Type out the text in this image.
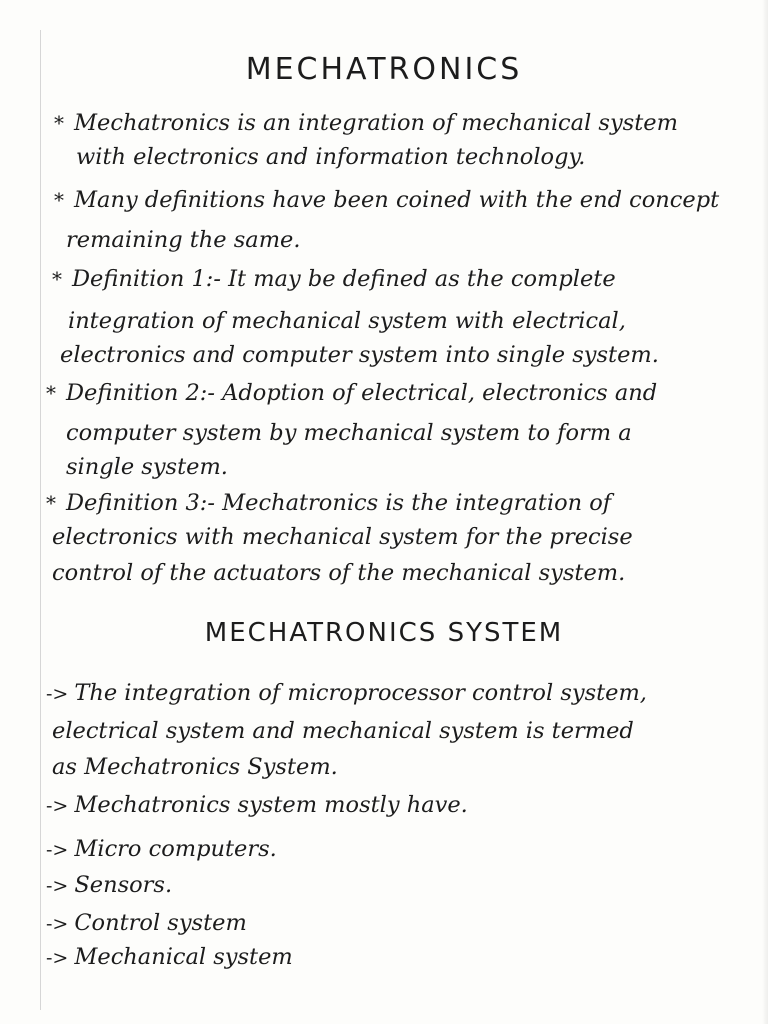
MECHATRONICS
* Mechatronics is an integration of mechanical system
with electronics and information technology.
* Many definitions have been coined with the end concept
remaining the same.
* Definition 1:- It may be defined as the complete
integration of mechanical system with electrical,
electronics and computer system into single system.
* Definition 2:- Adoption of electrical, electronics and
computer system by mechanical system to form a
single system.
* Definition 3:- Mechatronics is the integration of
electronics with mechanical system for the precise
control of the actuators of the mechanical system.
MECHATRONICS SYSTEM
-> The integration of microprocessor control system,
electrical system and mechanical system is termed
as Mechatronics System.
-> Mechatronics system mostly have.
-> Micro computers.
-> Sensors.
-> Control system
-> Mechanical system
